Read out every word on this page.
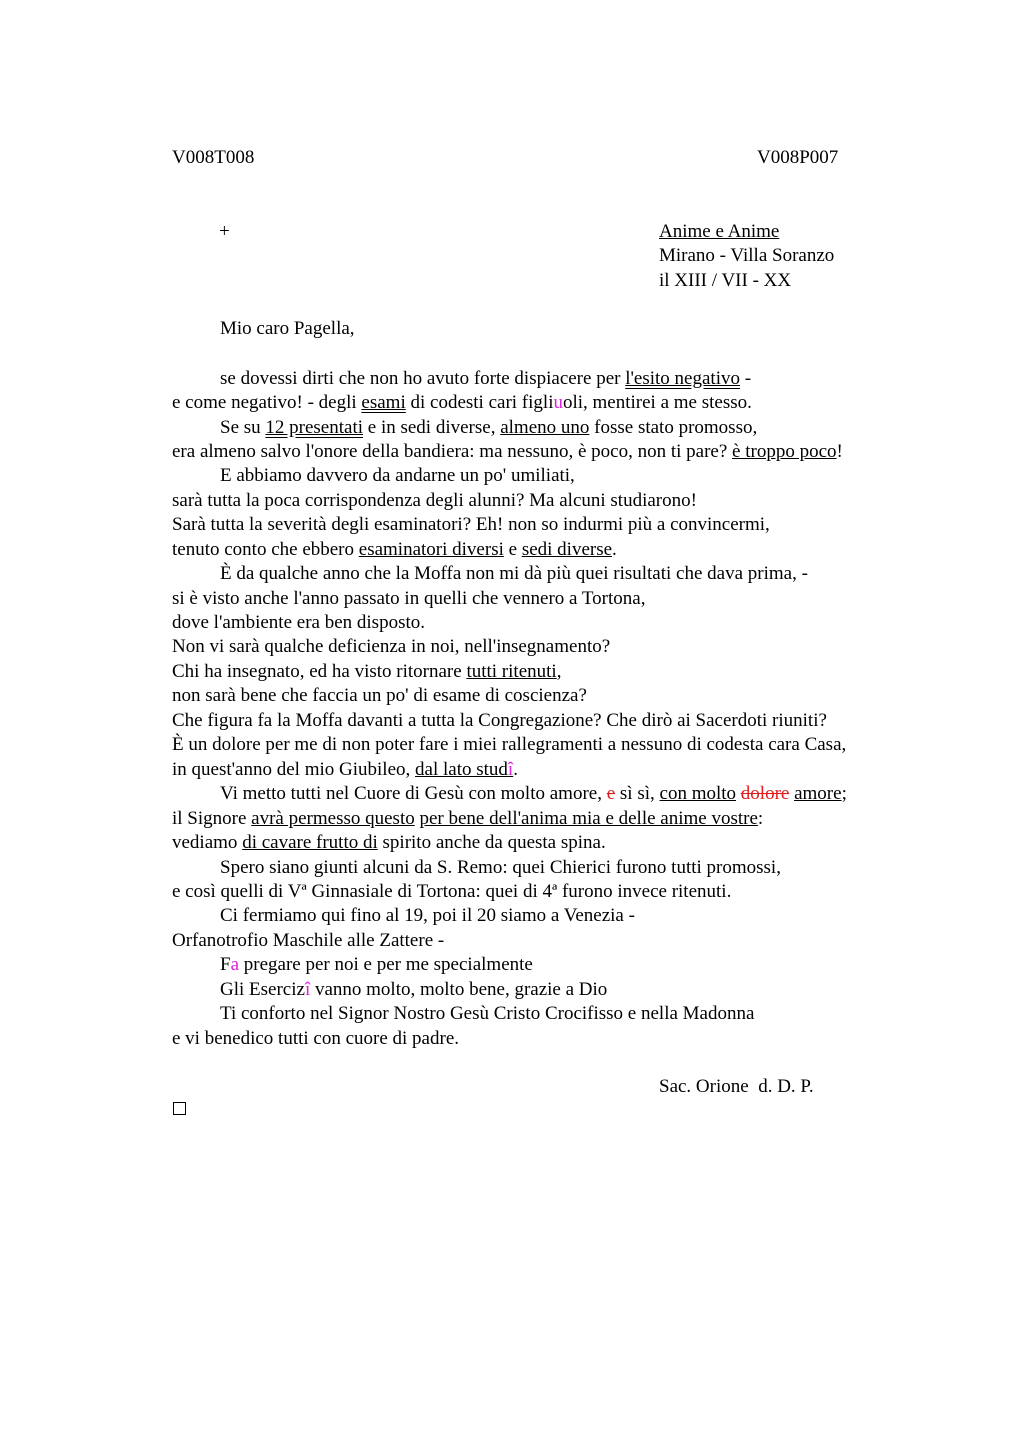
V008T008	V008P007
+	Anime e Anime
Mirano - Villa Soranzo
il XIII / VII - XX
Mio caro Pagella,
se dovessi dirti che non ho avuto forte dispiacere per l'esito negativo -
e come negativo! - degli esami di codesti cari figliuoli, mentirei a me stesso.
Se su 12 presentati e in sedi diverse, almeno uno fosse stato promosso,
era almeno salvo l'onore della bandiera: ma nessuno, è poco, non ti pare? è troppo poco!
E abbiamo davvero da andarne un po' umiliati,
sarà tutta la poca corrispondenza degli alunni? Ma alcuni studiarono!
Sarà tutta la severità degli esaminatori? Eh! non so indurmi più a convincermi,
tenuto conto che ebbero esaminatori diversi e sedi diverse.
È da qualche anno che la Moffa non mi dà più quei risultati che dava prima, -
si è visto anche l'anno passato in quelli che vennero a Tortona,
dove l'ambiente era ben disposto.
Non vi sarà qualche deficienza in noi, nell'insegnamento?
Chi ha insegnato, ed ha visto ritornare tutti ritenuti,
non sarà bene che faccia un po' di esame di coscienza?
Che figura fa la Moffa davanti a tutta la Congregazione? Che dirò ai Sacerdoti riuniti?
È un dolore per me di non poter fare i miei rallegramenti a nessuno di codesta cara Casa,
in quest'anno del mio Giubileo, dal lato studî.
Vi metto tutti nel Cuore di Gesù con molto amore, e sì sì, con molto dolore amore;
il Signore avrà permesso questo per bene dell'anima mia e delle anime vostre:
vediamo di cavare frutto di spirito anche da questa spina.
Spero siano giunti alcuni da S. Remo: quei Chierici furono tutti promossi,
e così quelli di Vª Ginnasiale di Tortona: quei di 4ª furono invece ritenuti.
Ci fermiamo qui fino al 19, poi il 20 siamo a Venezia -
Orfanotrofio Maschile alle Zattere -
Fa pregare per noi e per me specialmente
Gli Esercizî vanno molto, molto bene, grazie a Dio
Ti conforto nel Signor Nostro Gesù Cristo Crocifisso e nella Madonna
e vi benedico tutti con cuore di padre.
Sac. Orione  d. D. P.
